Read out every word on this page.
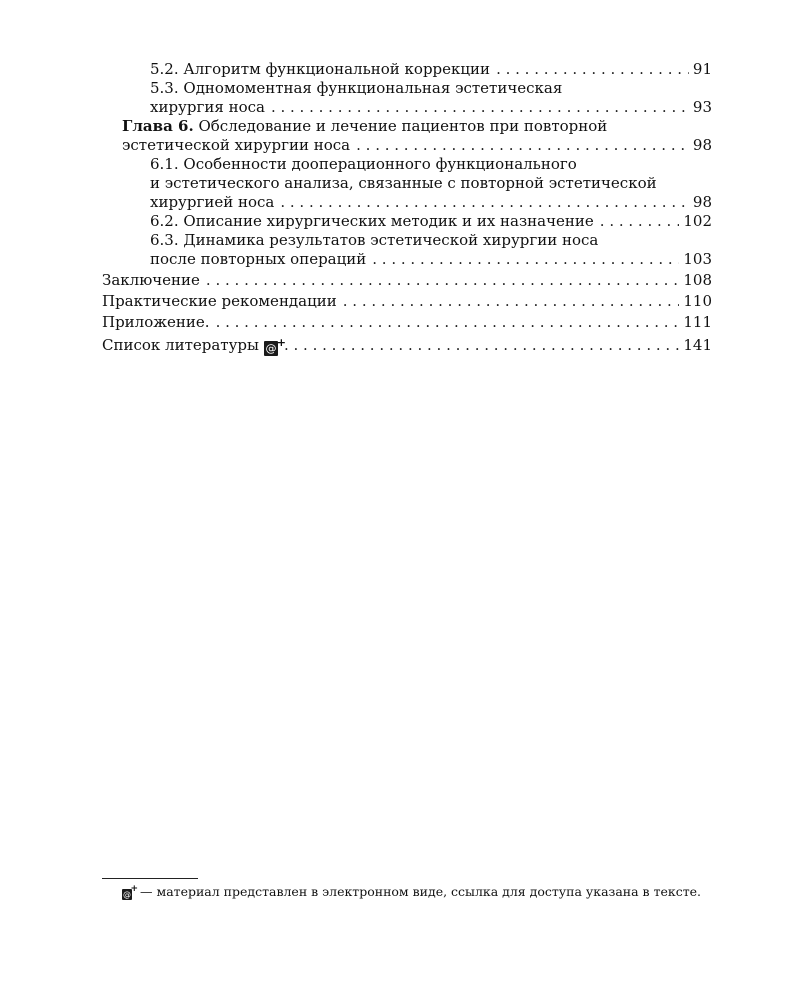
5.2. Алгоритм функциональной коррекции . . .	91
5.3. Одномоментная функциональная эстетическая
хирургия носа . . .	93
Глава 6. Обследование и лечение пациентов при повторной
эстетической хирургии носа . . .	98
6.1. Особенности дооперационного функционального
и эстетического анализа, связанные с повторной эстетической
хирургией носа . . .	98
6.2. Описание хирургических методик и их назначение . . .	102
6.3. Динамика результатов эстетической хирургии носа
после повторных операций . . .	103
Заключение . . .	108
Практические рекомендации . . .	110
Приложение. . . .	111
Список литературы @ + . . .	141
@
+ — материал представлен в электронном виде, ссылка для доступа указана в тексте.
